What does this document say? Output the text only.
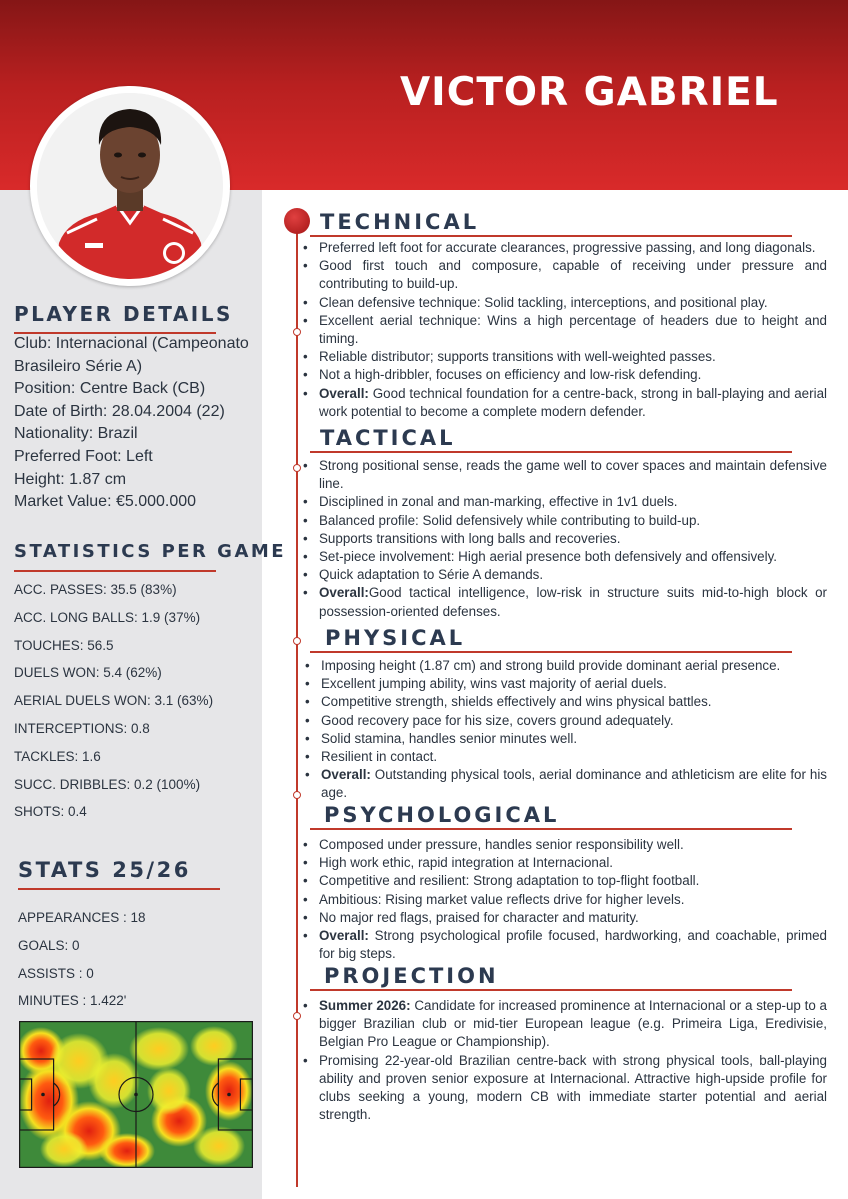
VICTOR GABRIEL
PLAYER DETAILS
Club: Internacional (Campeonato Brasileiro Série A)
Position: Centre Back (CB)
Date of Birth: 28.04.2004 (22)
Nationality: Brazil
Preferred Foot: Left
Height: 1.87 cm
Market Value: €5.000.000
STATISTICS PER GAME
ACC. PASSES: 35.5 (83%)
ACC. LONG BALLS: 1.9 (37%)
TOUCHES: 56.5
DUELS WON: 5.4 (62%)
AERIAL DUELS WON: 3.1 (63%)
INTERCEPTIONS: 0.8
TACKLES: 1.6
SUCC. DRIBBLES: 0.2 (100%)
SHOTS: 0.4
STATS 25/26
APPEARANCES : 18
GOALS: 0
ASSISTS : 0
MINUTES : 1.422'
TECHNICAL
• Preferred left foot for accurate clearances, progressive passing, and long diagonals.
• Good first touch and composure, capable of receiving under pressure and contributing to build-up.
• Clean defensive technique: Solid tackling, interceptions, and positional play.
• Excellent aerial technique: Wins a high percentage of headers due to height and timing.
• Reliable distributor; supports transitions with well-weighted passes.
• Not a high-dribbler, focuses on efficiency and low-risk defending.
• Overall: Good technical foundation for a centre-back, strong in ball-playing and aerial work potential to become a complete modern defender.
TACTICAL
• Strong positional sense, reads the game well to cover spaces and maintain defensive line.
• Disciplined in zonal and man-marking, effective in 1v1 duels.
• Balanced profile: Solid defensively while contributing to build-up.
• Supports transitions with long balls and recoveries.
• Set-piece involvement: High aerial presence both defensively and offensively.
• Quick adaptation to Série A demands.
• Overall:Good tactical intelligence, low-risk in structure suits mid-to-high block or possession-oriented defenses.
PHYSICAL
• Imposing height (1.87 cm) and strong build provide dominant aerial presence.
• Excellent jumping ability, wins vast majority of aerial duels.
• Competitive strength, shields effectively and wins physical battles.
• Good recovery pace for his size, covers ground adequately.
• Solid stamina, handles senior minutes well.
• Resilient in contact.
• Overall: Outstanding physical tools, aerial dominance and athleticism are elite for his age.
PSYCHOLOGICAL
• Composed under pressure, handles senior responsibility well.
• High work ethic, rapid integration at Internacional.
• Competitive and resilient: Strong adaptation to top-flight football.
• Ambitious: Rising market value reflects drive for higher levels.
• No major red flags, praised for character and maturity.
• Overall: Strong psychological profile focused, hardworking, and coachable, primed for big steps.
PROJECTION
• Summer 2026: Candidate for increased prominence at Internacional or a step-up to a bigger Brazilian club or mid-tier European league (e.g. Primeira Liga, Eredivisie, Belgian Pro League or Championship).
• Promising 22-year-old Brazilian centre-back with strong physical tools, ball-playing ability and proven senior exposure at Internacional. Attractive high-upside profile for clubs seeking a young, modern CB with immediate starter potential and aerial strength.
